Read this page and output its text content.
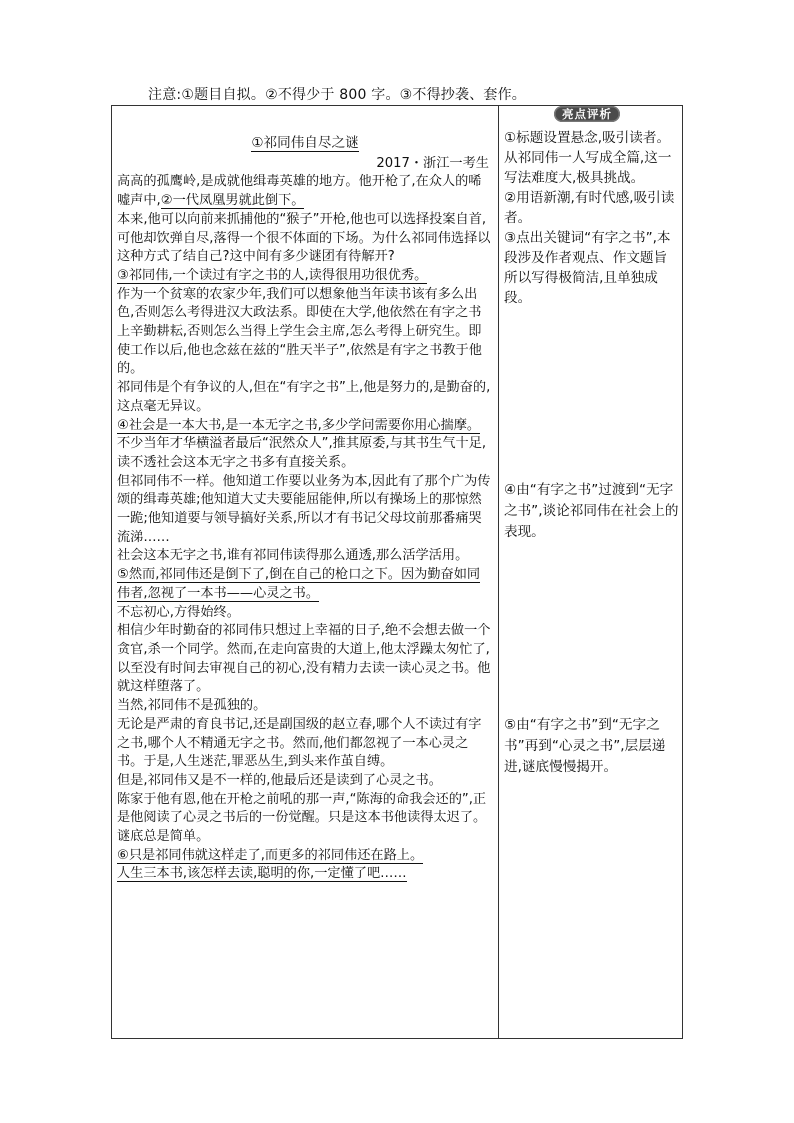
注意:①题目自拟。②不得少于 800 字。③不得抄袭、套作。

①祁同伟自尽之谜

2017・浙江一考生

高高的孤鹰岭,是成就他缉毒英雄的地方。他开枪了,在众人的唏嘘声中,②一代凤凰男就此倒下。

本来,他可以向前来抓捕他的“猴子”开枪,他也可以选择投案自首,可他却饮弹自尽,落得一个很不体面的下场。为什么祁同伟选择以这种方式了结自己?这中间有多少谜团有待解开?

③祁同伟,一个读过有字之书的人,读得很用功很优秀。

作为一个贫寒的农家少年,我们可以想象他当年读书该有多么出色,否则怎么考得进汉大政法系。即使在大学,他依然在有字之书上辛勤耕耘,否则怎么当得上学生会主席,怎么考得上研究生。即使工作以后,他也念兹在兹的“胜天半子”,依然是有字之书教于他的。

祁同伟是个有争议的人,但在“有字之书”上,他是努力的,是勤奋的,这点毫无异议。

④社会是一本大书,是一本无字之书,多少学问需要你用心揣摩。不少当年才华横溢者最后“泯然众人”,推其原委,与其书生气十足,读不透社会这本无字之书多有直接关系。

但祁同伟不一样。他知道工作要以业务为本,因此有了那个广为传颂的缉毒英雄;他知道大丈夫要能屈能伸,所以有操场上的那惊然一跪;他知道要与领导搞好关系,所以才有书记父母坟前那番痛哭流涕……

社会这本无字之书,谁有祁同伟读得那么通透,那么活学活用。

⑤然而,祁同伟还是倒下了,倒在自己的枪口之下。因为勤奋如同伟者,忽视了一本书——心灵之书。

不忘初心,方得始终。

相信少年时勤奋的祁同伟只想过上幸福的日子,绝不会想去做一个贪官,杀一个同学。然而,在走向富贵的大道上,他太浮躁太匆忙了,以至没有时间去审视自己的初心,没有精力去读一读心灵之书。他就这样堕落了。

当然,祁同伟不是孤独的。

无论是严肃的育良书记,还是副国级的赵立春,哪个人不读过有字之书,哪个人不精通无字之书。然而,他们都忽视了一本心灵之书。于是,人生迷茫,罪恶丛生,到头来作茧自缚。

但是,祁同伟又是不一样的,他最后还是读到了心灵之书。

陈家于他有恩,他在开枪之前吼的那一声,“陈海的命我会还的”,正是他阅读了心灵之书后的一份觉醒。只是这本书他读得太迟了。

谜底总是简单。

⑥只是祁同伟就这样走了,而更多的祁同伟还在路上。

人生三本书,该怎样去读,聪明的你,一定懂了吧……

亮点评析

①标题设置悬念,吸引读者。从祁同伟一人写成全篇,这一写法难度大,极具挑战。

②用语新潮,有时代感,吸引读者。

③点出关键词“有字之书”,本段涉及作者观点、作文题旨所以写得极简洁,且单独成段。

④由“有字之书”过渡到“无字之书”,谈论祁同伟在社会上的表现。
⑤由“有字之书”到“无字之书”再到“心灵之书”,层层递进,谜底慢慢揭开。
